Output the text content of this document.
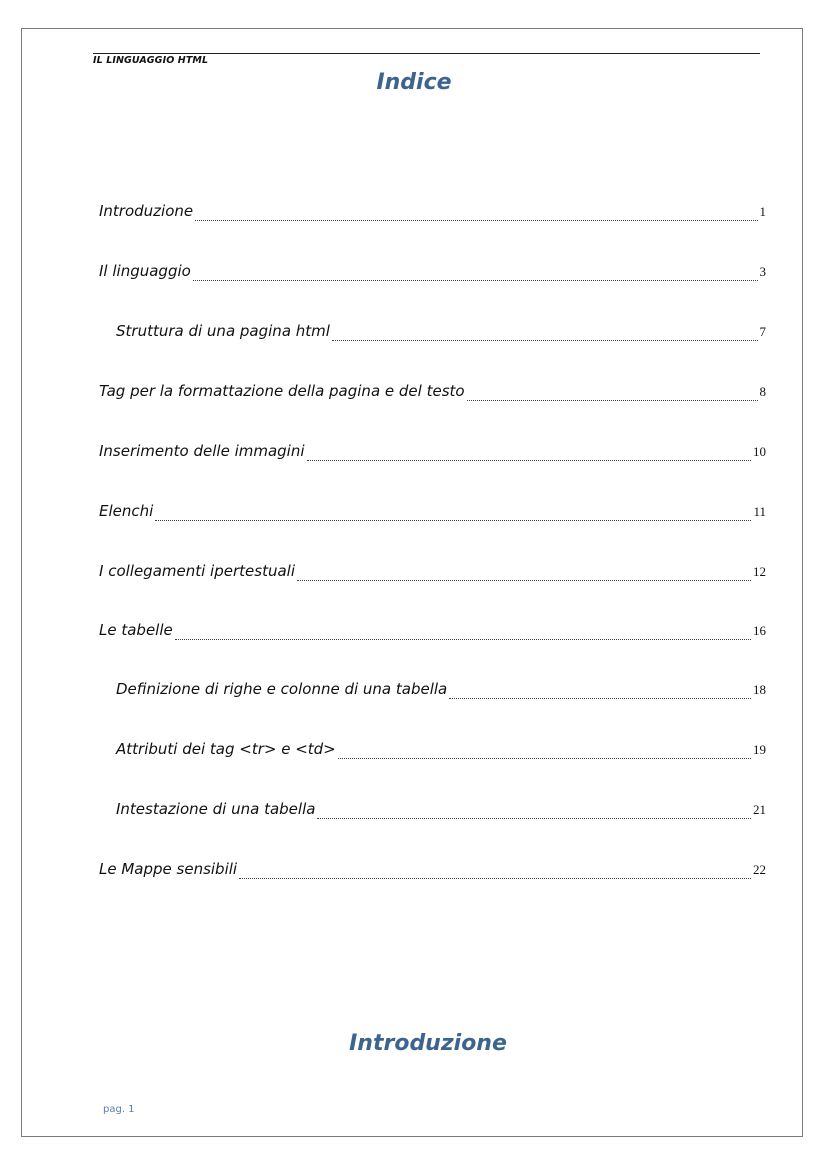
IL LINGUAGGIO HTML
Indice
Introduzione	1
Il linguaggio	3
Struttura di una pagina html	7
Tag per la formattazione della pagina e del testo	8
Inserimento delle immagini	10
Elenchi	11
I collegamenti ipertestuali	12
Le tabelle	16
Definizione di righe e colonne di una tabella	18
Attributi dei tag <tr> e <td>	19
Intestazione di una tabella	21
Le Mappe sensibili	22
Introduzione
pag. 1
